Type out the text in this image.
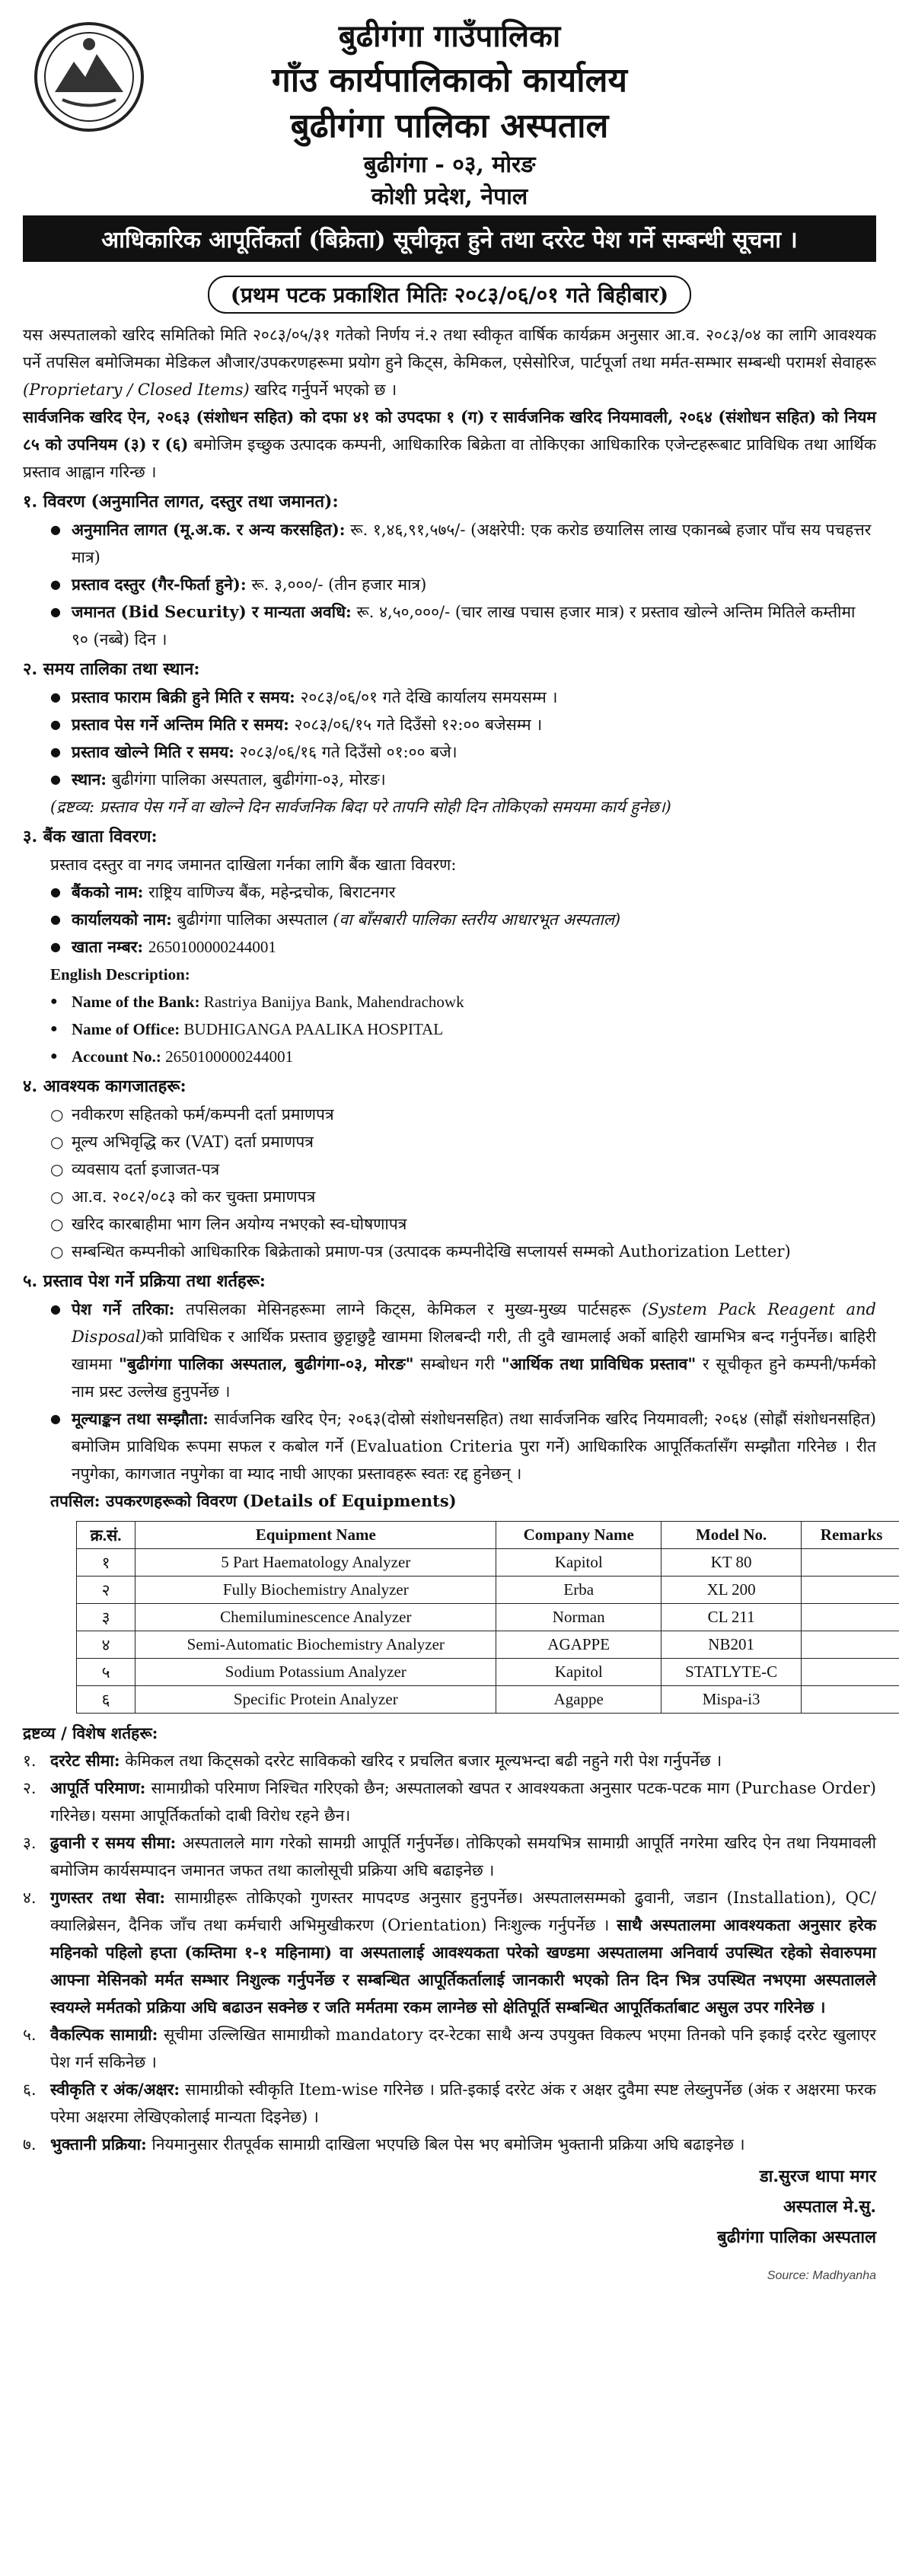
बुढीगंगा गाउँपालिका

गाँउ कार्यपालिकाको कार्यालय

बुढीगंगा पालिका अस्पताल

बुढीगंगा - ०३, मोरङ

कोशी प्रदेश, नेपाल

आधिकारिक आपूर्तिकर्ता (बिक्रेता) सूचीकृत हुने तथा दररेट पेश गर्ने सम्बन्धी सूचना ।
(प्रथम पटक प्रकाशित मितिः २०८३/०६/०१ गते बिहीबार)

यस अस्पतालको खरिद समितिको मिति २०८३/०५/३१ गतेको निर्णय नं.२ तथा स्वीकृत वार्षिक कार्यक्रम अनुसार आ.व. २०८३/०४ का लागि आवश्यक पर्ने तपसिल बमोजिमका मेडिकल औजार/उपकरणहरूमा प्रयोग हुने किट्स, केमिकल, एसेसोरिज, पार्टपूर्जा तथा मर्मत-सम्भार सम्बन्धी परामर्श सेवाहरू (Proprietary / Closed Items) खरिद गर्नुपर्ने भएको छ ।

सार्वजनिक खरिद ऐन, २०६३ (संशोधन सहित) को दफा ४१ को उपदफा १ (ग) र सार्वजनिक खरिद नियमावली, २०६४ (संशोधन सहित) को नियम ८५ को उपनियम (३) र (६) बमोजिम इच्छुक उत्पादक कम्पनी, आधिकारिक बिक्रेता वा तोकिएका आधिकारिक एजेन्टहरूबाट प्राविधिक तथा आर्थिक प्रस्ताव आह्वान गरिन्छ ।

१. विवरण (अनुमानित लागत, दस्तुर तथा जमानत):

● अनुमानित लागत (मू.अ.क. र अन्य करसहित): रू. १,४६,९१,५७५/- (अक्षरेपी: एक करोड छयालिस लाख एकानब्बे हजार पाँच सय पचहत्तर मात्र)
● प्रस्ताव दस्तुर (गैर-फिर्ता हुने): रू. ३,०००/- (तीन हजार मात्र)
● जमानत (Bid Security) र मान्यता अवधि: रू. ४,५०,०००/- (चार लाख पचास हजार मात्र) र प्रस्ताव खोल्ने अन्तिम मितिले कम्तीमा ९० (नब्बे) दिन ।

२. समय तालिका तथा स्थान:

● प्रस्ताव फाराम बिक्री हुने मिति र समय: २०८३/०६/०१ गते देखि कार्यालय समयसम्म ।
● प्रस्ताव पेस गर्ने अन्तिम मिति र समय: २०८३/०६/१५ गते दिउँसो १२:०० बजेसम्म ।
● प्रस्ताव खोल्ने मिति र समय: २०८३/०६/१६ गते दिउँसो ०१:०० बजे।
● स्थान: बुढीगंगा पालिका अस्पताल, बुढीगंगा-०३, मोरङ।

(द्रष्टव्य: प्रस्ताव पेस गर्ने वा खोल्ने दिन सार्वजनिक बिदा परे तापनि सोही दिन तोकिएको समयमा कार्य हुनेछ।)

३. बैंक खाता विवरण:

प्रस्ताव दस्तुर वा नगद जमानत दाखिला गर्नका लागि बैंक खाता विवरण:

● बैंकको नाम: राष्ट्रिय वाणिज्य बैंक, महेन्द्रचोक, बिराटनगर
● कार्यालयको नाम: बुढीगंगा पालिका अस्पताल (वा बाँसबारी पालिका स्तरीय आधारभूत अस्पताल)
● खाता नम्बर: 2650100000244001

English Description:

● Name of the Bank: Rastriya Banijya Bank, Mahendrachowk
● Name of Office: BUDHIGANGA PAALIKA HOSPITAL
● Account No.: 2650100000244001

४. आवश्यक कागजातहरू:

○ नवीकरण सहितको फर्म/कम्पनी दर्ता प्रमाणपत्र
○ मूल्य अभिवृद्धि कर (VAT) दर्ता प्रमाणपत्र
○ व्यवसाय दर्ता इजाजत-पत्र
○ आ.व. २०८२/०८३ को कर चुक्ता प्रमाणपत्र
○ खरिद कारबाहीमा भाग लिन अयोग्य नभएको स्व-घोषणापत्र
○ सम्बन्धित कम्पनीको आधिकारिक बिक्रेताको प्रमाण-पत्र (उत्पादक कम्पनीदेखि सप्लायर्स सम्मको Authorization Letter)

५. प्रस्ताव पेश गर्ने प्रक्रिया तथा शर्तहरू:

● पेश गर्ने तरिका: तपसिलका मेसिनहरूमा लाग्ने किट्स, केमिकल र मुख्य-मुख्य पार्टसहरू (System Pack Reagent and Disposal)को प्राविधिक र आर्थिक प्रस्ताव छुट्टाछुट्टै खाममा शिलबन्दी गरी, ती दुवै खामलाई अर्को बाहिरी खामभित्र बन्द गर्नुपर्नेछ। बाहिरी खाममा "बुढीगंगा पालिका अस्पताल, बुढीगंगा-०३, मोरङ" सम्बोधन गरी "आर्थिक तथा प्राविधिक प्रस्ताव" र सूचीकृत हुने कम्पनी/फर्मको नाम प्रस्ट उल्लेख हुनुपर्नेछ ।
● मूल्याङ्कन तथा सम्झौता: सार्वजनिक खरिद ऐन; २०६३(दोस्रो संशोधनसहित) तथा सार्वजनिक खरिद नियमावली; २०६४ (सोह्रौं संशोधनसहित) बमोजिम प्राविधिक रूपमा सफल र कबोल गर्ने (Evaluation Criteria पुरा गर्ने) आधिकारिक आपूर्तिकर्तासँग सम्झौता गरिनेछ । रीत नपुगेका, कागजात नपुगेका वा म्याद नाघी आएका प्रस्तावहरू स्वतः रद्द हुनेछन् ।

तपसिल: उपकरणहरूको विवरण (Details of Equipments)

क्र.सं.	Equipment Name	Company Name	Model No.	Remarks
१	5 Part Haematology Analyzer	Kapitol	KT 80	
२	Fully Biochemistry Analyzer	Erba	XL 200	
३	Chemiluminescence Analyzer	Norman	CL 211	
४	Semi-Automatic Biochemistry Analyzer	AGAPPE	NB201	
५	Sodium Potassium Analyzer	Kapitol	STATLYTE-C	
६	Specific Protein Analyzer	Agappe	Mispa-i3	

द्रष्टव्य / विशेष शर्तहरू:

१. दररेट सीमा: केमिकल तथा किट्सको दररेट साविकको खरिद र प्रचलित बजार मूल्यभन्दा बढी नहुने गरी पेश गर्नुपर्नेछ ।
२. आपूर्ति परिमाण: सामाग्रीको परिमाण निश्चित गरिएको छैन; अस्पतालको खपत र आवश्यकता अनुसार पटक-पटक माग (Purchase Order) गरिनेछ। यसमा आपूर्तिकर्ताको दाबी विरोध रहने छैन।
३. ढुवानी र समय सीमा: अस्पतालले माग गरेको सामग्री आपूर्ति गर्नुपर्नेछ। तोकिएको समयभित्र सामाग्री आपूर्ति नगरेमा खरिद ऐन तथा नियमावली बमोजिम कार्यसम्पादन जमानत जफत तथा कालोसूची प्रक्रिया अघि बढाइनेछ ।
४. गुणस्तर तथा सेवा: सामाग्रीहरू तोकिएको गुणस्तर मापदण्ड अनुसार हुनुपर्नेछ। अस्पतालसम्मको ढुवानी, जडान (Installation), QC/क्यालिब्रेसन, दैनिक जाँच तथा कर्मचारी अभिमुखीकरण (Orientation) निःशुल्क गर्नुपर्नेछ । साथै अस्पतालमा आवश्यकता अनुसार हरेक महिनको पहिलो हप्ता (कम्तिमा १-१ महिनामा) वा अस्पतालाई आवश्यकता परेको खण्डमा अस्पतालमा अनिवार्य उपस्थित रहेको सेवारुपमा आफ्ना मेसिनको मर्मत सम्भार निशुल्क गर्नुपर्नेछ र सम्बन्धित आपूर्तिकर्तालाई जानकारी भएको तिन दिन भित्र उपस्थित नभएमा अस्पतालले स्वयम्ले मर्मतको प्रक्रिया अघि बढाउन सक्नेछ र जति मर्मतमा रकम लाग्नेछ सो क्षेतिपूर्ति सम्बन्धित आपूर्तिकर्ताबाट असुल उपर गरिनेछ ।
५. वैकल्पिक सामाग्री: सूचीमा उल्लिखित सामाग्रीको mandatory दर-रेटका साथै अन्य उपयुक्त विकल्प भएमा तिनको पनि इकाई दररेट खुलाएर पेश गर्न सकिनेछ ।
६. स्वीकृति र अंक/अक्षर: सामाग्रीको स्वीकृति Item-wise गरिनेछ । प्रति-इकाई दररेट अंक र अक्षर दुवैमा स्पष्ट लेख्नुपर्नेछ (अंक र अक्षरमा फरक परेमा अक्षरमा लेखिएकोलाई मान्यता दिइनेछ) ।
७. भुक्तानी प्रक्रिया: नियमानुसार रीतपूर्वक सामाग्री दाखिला भएपछि बिल पेस भए बमोजिम भुक्तानी प्रक्रिया अघि बढाइनेछ ।
डा.सुरज थापा मगर
अस्पताल मे.सु.
बुढीगंगा पालिका अस्पताल
Source: Madhyanha
